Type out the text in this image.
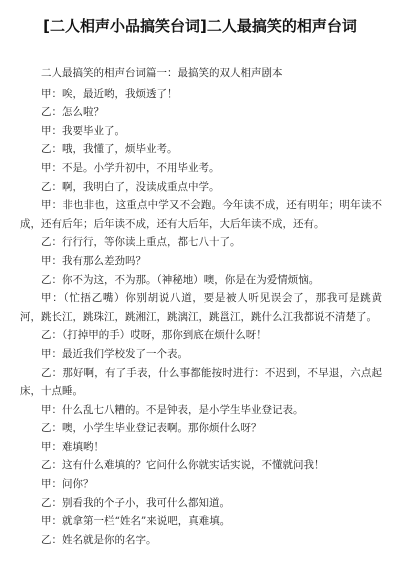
[二人相声小品搞笑台词]二人最搞笑的相声台词

二人最搞笑的相声台词篇一：最搞笑的双人相声剧本

甲：唉，最近哟，我烦透了！

乙：怎么啦？

甲：我要毕业了。

乙：哦，我懂了，烦毕业考。

甲：不是。小学升初中，不用毕业考。

乙：啊，我明白了，没读成重点中学。

甲：非也非也，这重点中学又不会跑。今年读不成，还有明年；明年读不成，还有后年；后年读不成，还有大后年，大后年读不成，还有。

乙：行行行，等你读上重点，都七八十了。

甲：我有那么差劲吗？

乙：你不为这，不为那。（神秘地）噢，你是在为爱情烦恼。

甲：（忙捂乙嘴）你别胡说八道，要是被人听见误会了，那我可是跳黄河，跳长江，跳珠江，跳湘江，跳漓江，跳邕江，跳什么江我都说不清楚了。

乙：（打掉甲的手）哎呀，那你到底在烦什么呀！

甲：最近我们学校发了一个表。

乙：那好啊，有了手表，什么事都能按时进行：不迟到，不早退，六点起床，十点睡。

甲：什么乱七八糟的。不是钟表，是小学生毕业登记表。

乙：噢，小学生毕业登记表啊。那你烦什么呀？

甲：难填哟！

乙：这有什么难填的？它问什么你就实话实说，不懂就问我！

甲：问你？

乙：别看我的个子小，我可什么都知道。

甲：就拿第一栏“姓名”来说吧，真难填。

乙：姓名就是你的名字。
